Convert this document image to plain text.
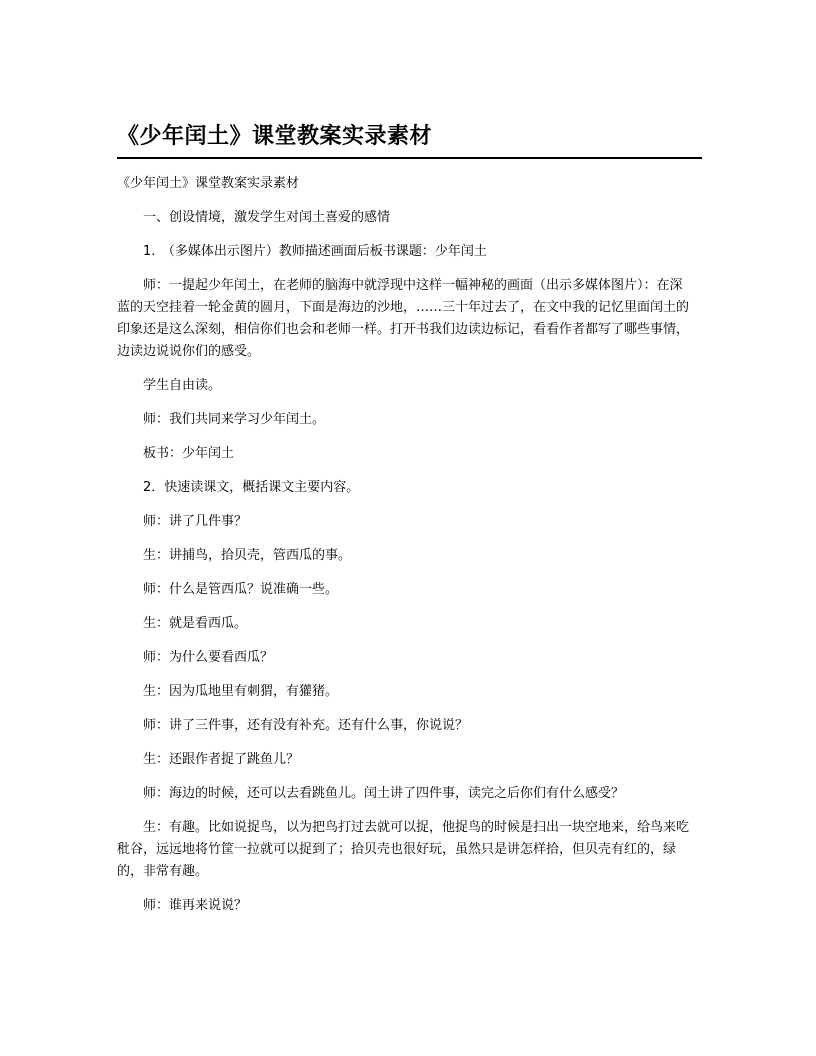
《少年闰土》课堂教案实录素材

《少年闰土》课堂教案实录素材

一、创设情境，激发学生对闰土喜爱的感情

1.　（多媒体出示图片）教师描述画面后板书课题：少年闰土

师：一提起少年闰土，在老师的脑海中就浮现中这样一幅神秘的画面（出示多媒体图片）：在深蓝的天空挂着一轮金黄的圆月，下面是海边的沙地，……三十年过去了，在文中我的记忆里面闰土的印象还是这么深刻，相信你们也会和老师一样。打开书我们边读边标记，看看作者都写了哪些事情，边读边说说你们的感受。

学生自由读。

师：我们共同来学习少年闰土。

板书：少年闰土

2．快速读课文，概括课文主要内容。

师：讲了几件事？

生：讲捕鸟，拾贝壳，管西瓜的事。

师：什么是管西瓜？说准确一些。

生：就是看西瓜。

师：为什么要看西瓜？

生：因为瓜地里有刺猬，有獾猪。

师：讲了三件事，还有没有补充。还有什么事，你说说？

生：还跟作者捉了跳鱼儿？

师：海边的时候，还可以去看跳鱼儿。闰土讲了四件事，读完之后你们有什么感受？

生：有趣。比如说捉鸟，以为把鸟打过去就可以捉，他捉鸟的时候是扫出一块空地来，给鸟来吃秕谷，远远地将竹筐一拉就可以捉到了；拾贝壳也很好玩，虽然只是讲怎样拾，但贝壳有红的，绿的，非常有趣。

师：谁再来说说？
